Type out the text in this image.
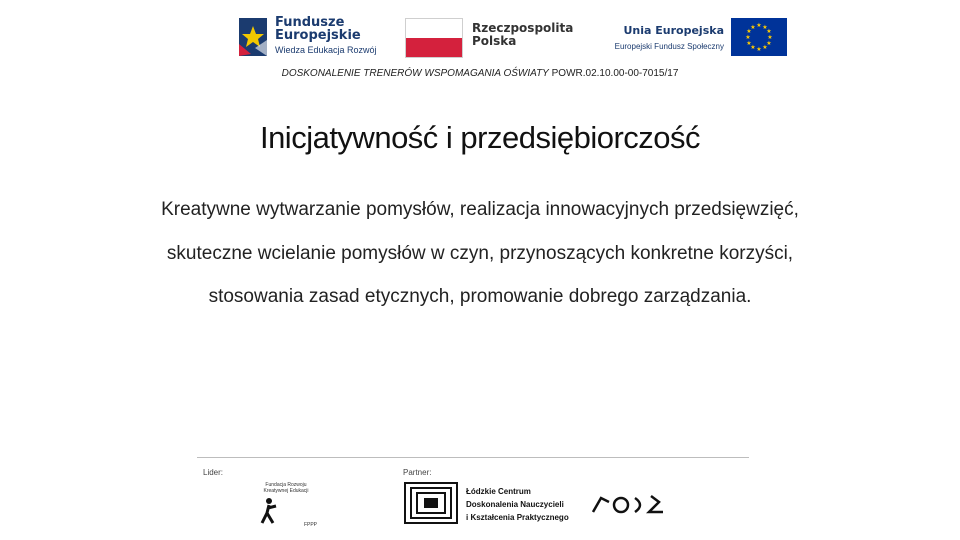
Fundusze
Europejskie
Wiedza Edukacja Rozwój
Rzeczpospolita
Polska
Unia Europejska
Europejski Fundusz Społeczny
★ ★
★
★
★
★
★
★
★
★
★
★
DOSKONALENIE TRENERÓW WSPOMAGANIA OŚWIATY POWR.02.10.00-00-7015/17
Inicjatywność i przedsiębiorczość
Kreatywne wytwarzanie pomysłów, realizacja innowacyjnych przedsięwzięć,
skuteczne wcielanie pomysłów w czyn, przynoszących konkretne korzyści,
stosowania zasad etycznych, promowanie dobrego zarządzania.
Lider:
Fundacja Rozwoju Kreatywnej Edukacji
FPPP
Partner:
Łódzkie Centrum
Doskonalenia Nauczycieli
i Kształcenia Praktycznego
